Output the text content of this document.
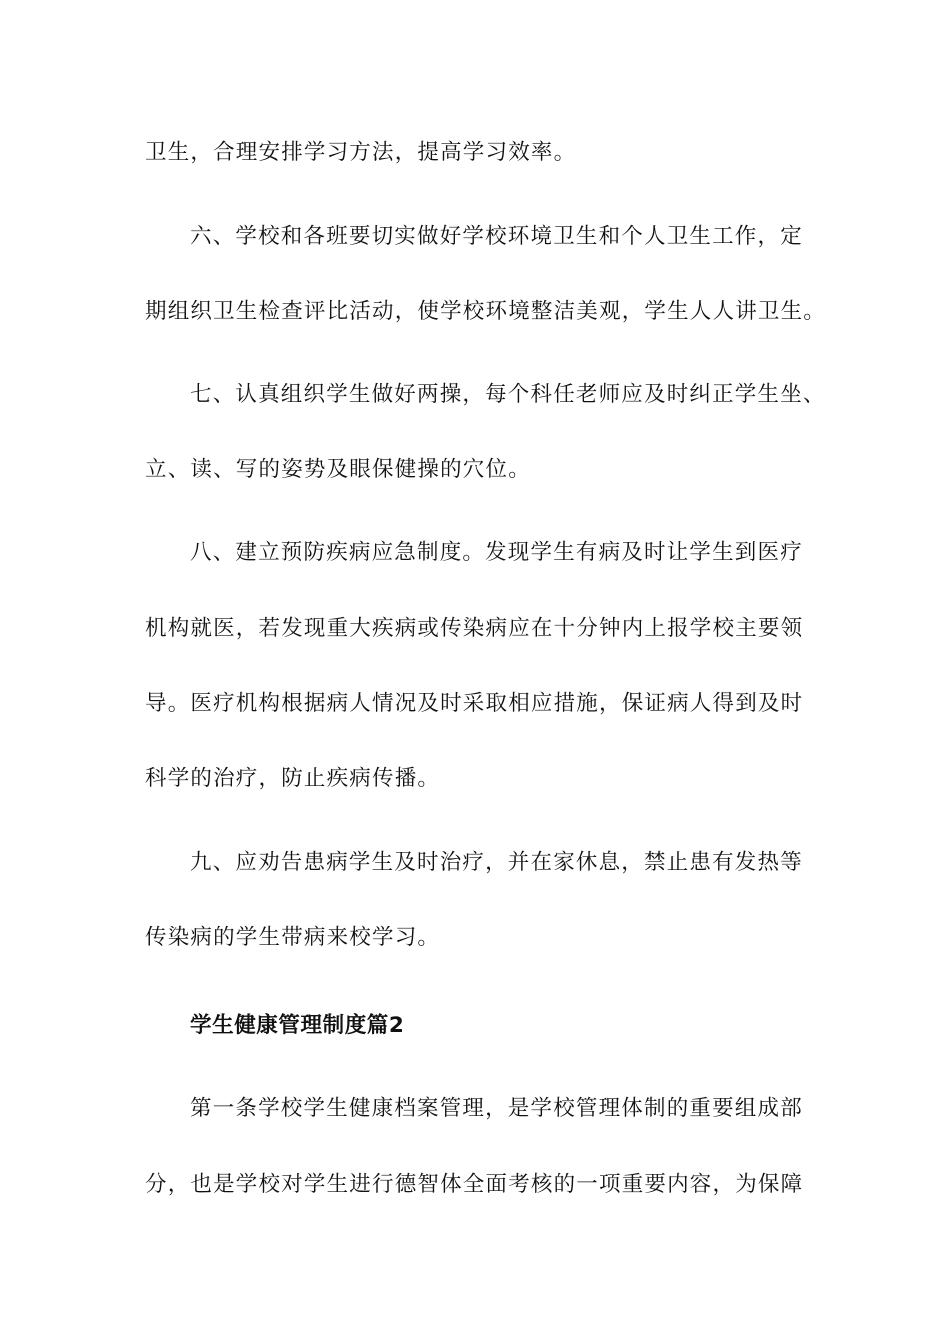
卫生，合理安排学习方法，提高学习效率。
六、学校和各班要切实做好学校环境卫生和个人卫生工作，定
期组织卫生检查评比活动，使学校环境整洁美观，学生人人讲卫生。
七、认真组织学生做好两操，每个科任老师应及时纠正学生坐、
立、读、写的姿势及眼保健操的穴位。
八、建立预防疾病应急制度。发现学生有病及时让学生到医疗
机构就医，若发现重大疾病或传染病应在十分钟内上报学校主要领
导。医疗机构根据病人情况及时采取相应措施，保证病人得到及时
科学的治疗，防止疾病传播。
九、应劝告患病学生及时治疗，并在家休息，禁止患有发热等
传染病的学生带病来校学习。
学生健康管理制度篇2
第一条学校学生健康档案管理，是学校管理体制的重要组成部
分，也是学校对学生进行德智体全面考核的一项重要内容，为保障
